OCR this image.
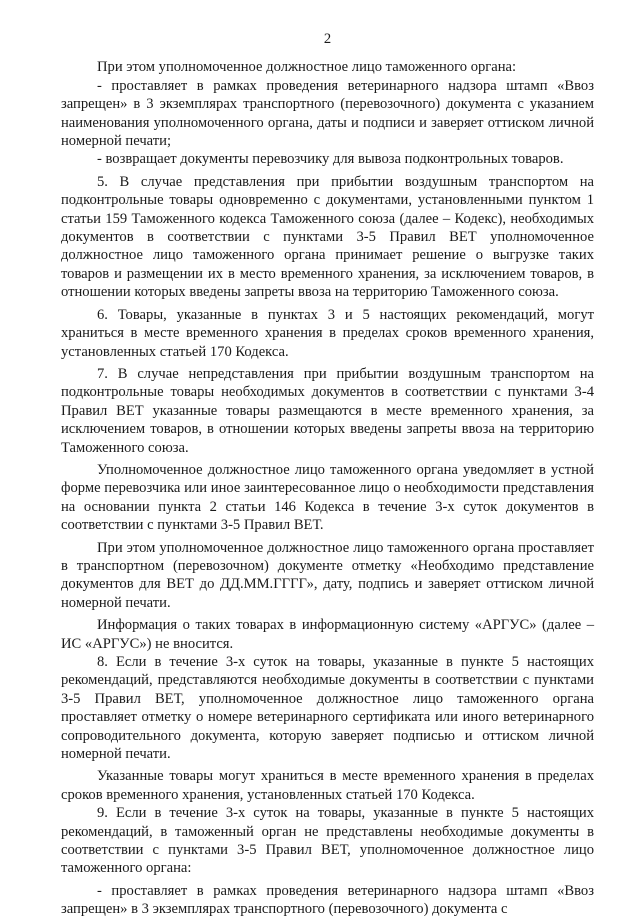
2

При этом уполномоченное должностное лицо таможенного органа:

- проставляет в рамках проведения ветеринарного надзора штамп «Ввоз запрещен» в 3 экземплярах транспортного (перевозочного) документа с указанием наименования уполномоченного органа, даты и подписи и заверяет оттиском личной номерной печати;

- возвращает документы перевозчику для вывоза подконтрольных товаров.

5. В случае представления при прибытии воздушным транспортом на подконтрольные товары одновременно с документами, установленными пунктом 1 статьи 159 Таможенного кодекса Таможенного союза (далее – Кодекс), необходимых документов в соответствии с пунктами 3-5 Правил ВЕТ уполномоченное должностное лицо таможенного органа принимает решение о выгрузке таких товаров и размещении их в место временного хранения, за исключением товаров, в отношении которых введены запреты ввоза на территорию Таможенного союза.

6. Товары, указанные в пунктах 3 и 5 настоящих рекомендаций, могут храниться в месте временного хранения в пределах сроков временного хранения, установленных статьей 170 Кодекса.

7. В случае непредставления при прибытии воздушным транспортом на подконтрольные товары необходимых документов в соответствии с пунктами 3-4 Правил ВЕТ указанные товары размещаются в месте временного хранения, за исключением товаров, в отношении которых введены запреты ввоза на территорию Таможенного союза.

Уполномоченное должностное лицо таможенного органа уведомляет в устной форме перевозчика или иное заинтересованное лицо о необходимости представления на основании пункта 2 статьи 146 Кодекса в течение 3-х суток документов в соответствии с пунктами 3-5 Правил ВЕТ.

При этом уполномоченное должностное лицо таможенного органа проставляет в транспортном (перевозочном) документе отметку «Необходимо представление документов для ВЕТ до ДД.ММ.ГГГГ», дату, подпись и заверяет оттиском личной номерной печати.

Информация о таких товарах в информационную систему «АРГУС» (далее – ИС «АРГУС») не вносится.

8. Если в течение 3-х суток на товары, указанные в пункте 5 настоящих рекомендаций, представляются необходимые документы в соответствии с пунктами 3-5 Правил ВЕТ, уполномоченное должностное лицо таможенного органа проставляет отметку о номере ветеринарного сертификата или иного ветеринарного сопроводительного документа, которую заверяет подписью и оттиском личной номерной печати.

Указанные товары могут храниться в месте временного хранения в пределах сроков временного хранения, установленных статьей 170 Кодекса.

9. Если в течение 3-х суток на товары, указанные в пункте 5 настоящих рекомендаций, в таможенный орган не представлены необходимые документы в соответствии с пунктами 3-5 Правил ВЕТ, уполномоченное должностное лицо таможенного органа:

- проставляет в рамках проведения ветеринарного надзора штамп «Ввоз запрещен» в 3 экземплярах транспортного (перевозочного) документа с
